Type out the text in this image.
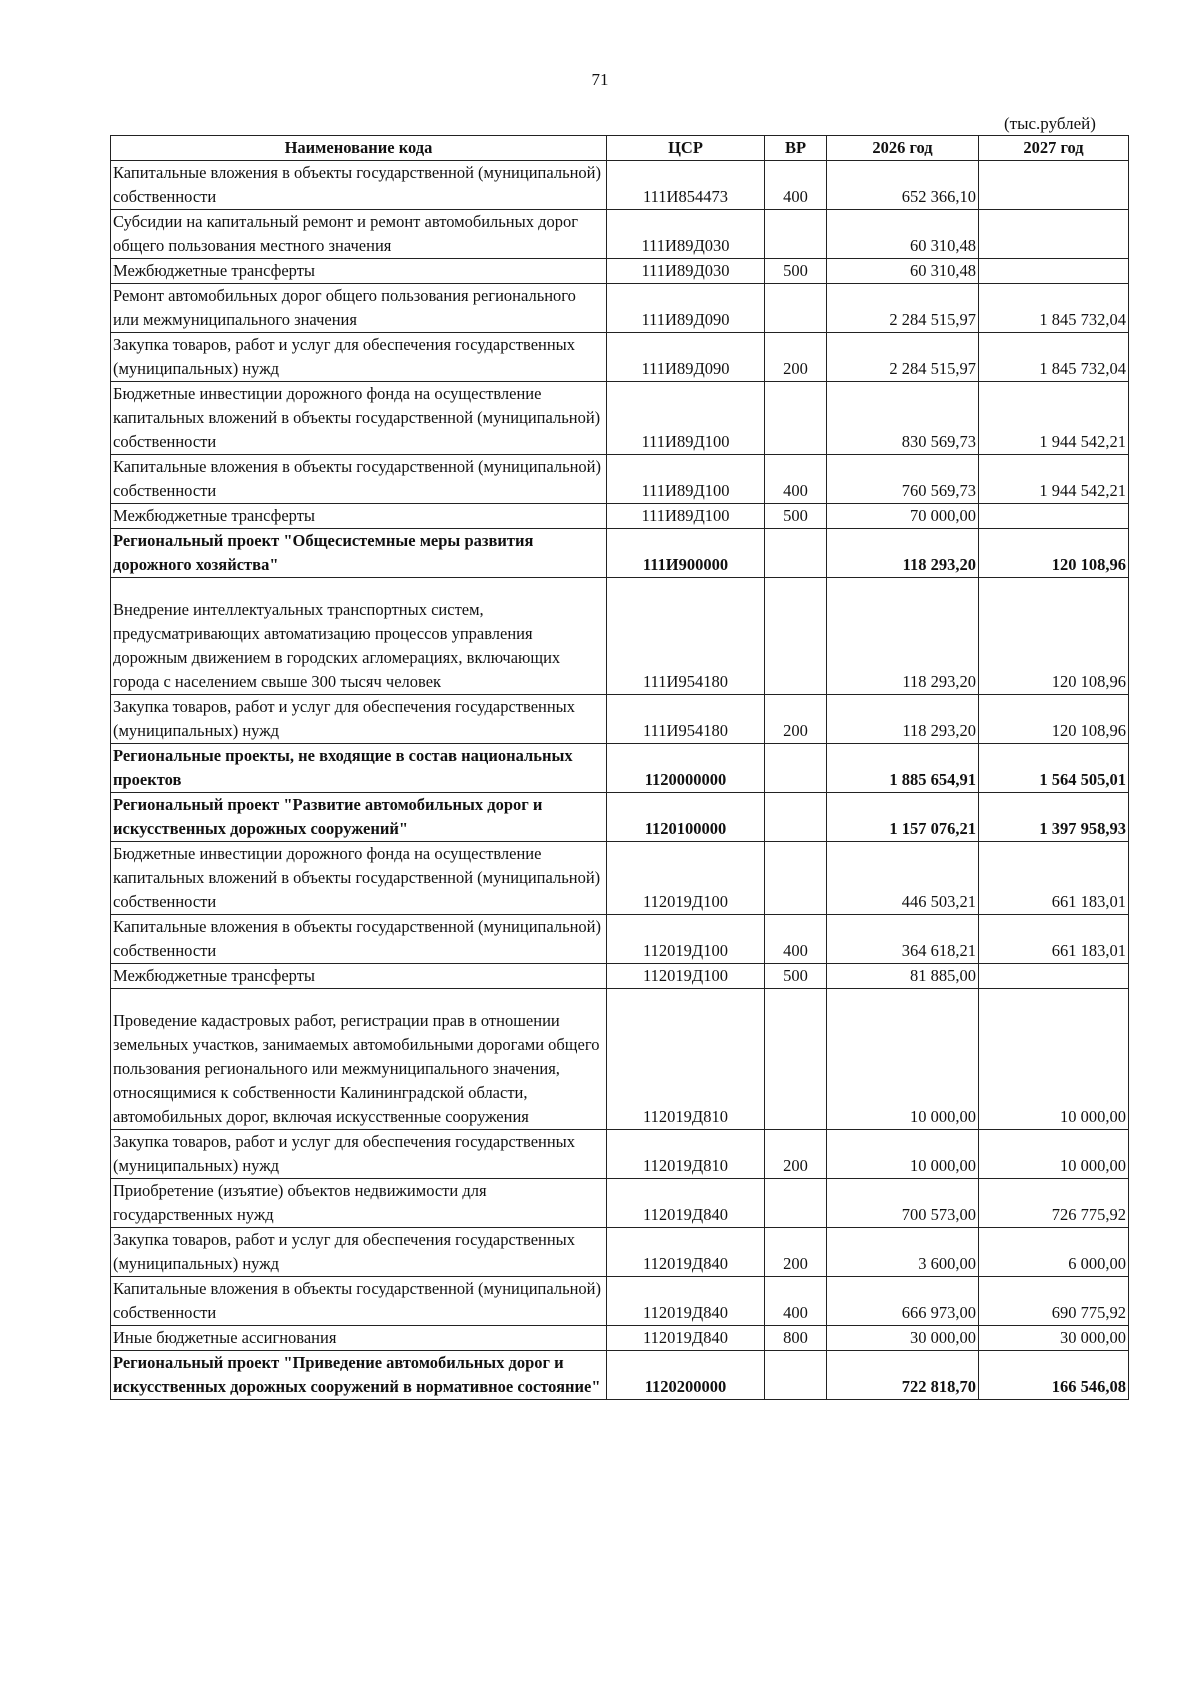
71
(тыс.рублей)
Наименование кода	ЦСР	ВР	2026 год	2027 год
Капитальные вложения в объекты государственной (муниципальной) собственности	111И854473	400	652 366,10	
Субсидии на капитальный ремонт и ремонт автомобильных дорог общего пользования местного значения	111И89Д030		60 310,48	
Межбюджетные трансферты	111И89Д030	500	60 310,48	
Ремонт автомобильных дорог общего пользования регионального или межмуниципального значения	111И89Д090		2 284 515,97	1 845 732,04
Закупка товаров, работ и услуг для обеспечения государственных (муниципальных) нужд	111И89Д090	200	2 284 515,97	1 845 732,04
Бюджетные инвестиции дорожного фонда на осуществление капитальных вложений в объекты государственной (муниципальной) собственности	111И89Д100		830 569,73	1 944 542,21
Капитальные вложения в объекты государственной (муниципальной) собственности	111И89Д100	400	760 569,73	1 944 542,21
Межбюджетные трансферты	111И89Д100	500	70 000,00	
Региональный проект "Общесистемные меры развития дорожного хозяйства"	111И900000		118 293,20	120 108,96
Внедрение интеллектуальных транспортных систем, предусматривающих автоматизацию процессов управления дорожным движением в городских агломерациях, включающих города с населением свыше 300 тысяч человек	111И954180		118 293,20	120 108,96
Закупка товаров, работ и услуг для обеспечения государственных (муниципальных) нужд	111И954180	200	118 293,20	120 108,96
Региональные проекты, не входящие в состав национальных проектов	1120000000		1 885 654,91	1 564 505,01
Региональный проект "Развитие автомобильных дорог и искусственных дорожных сооружений"	1120100000		1 157 076,21	1 397 958,93
Бюджетные инвестиции дорожного фонда на осуществление капитальных вложений в объекты государственной (муниципальной) собственности	112019Д100		446 503,21	661 183,01
Капитальные вложения в объекты государственной (муниципальной) собственности	112019Д100	400	364 618,21	661 183,01
Межбюджетные трансферты	112019Д100	500	81 885,00	
Проведение кадастровых работ, регистрации прав в отношении земельных участков, занимаемых автомобильными дорогами общего пользования регионального или межмуниципального значения, относящимися к собственности Калининградской области, автомобильных дорог, включая искусственные сооружения	112019Д810		10 000,00	10 000,00
Закупка товаров, работ и услуг для обеспечения государственных (муниципальных) нужд	112019Д810	200	10 000,00	10 000,00
Приобретение (изъятие) объектов недвижимости для государственных нужд	112019Д840		700 573,00	726 775,92
Закупка товаров, работ и услуг для обеспечения государственных (муниципальных) нужд	112019Д840	200	3 600,00	6 000,00
Капитальные вложения в объекты государственной (муниципальной) собственности	112019Д840	400	666 973,00	690 775,92
Иные бюджетные ассигнования	112019Д840	800	30 000,00	30 000,00
Региональный проект "Приведение автомобильных дорог и искусственных дорожных сооружений в нормативное состояние"	1120200000		722 818,70	166 546,08
